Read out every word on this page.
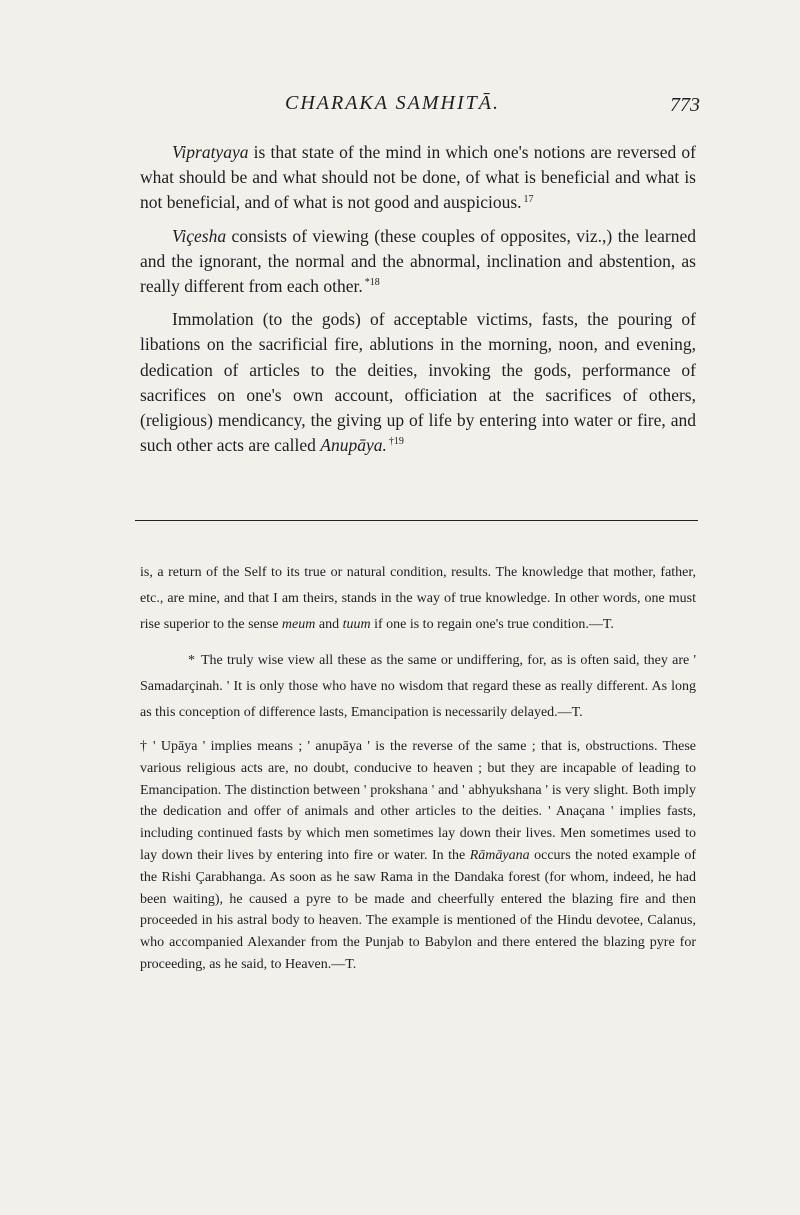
CHARAKA SAMHITĀ.	773

Vipratyaya is that state of the mind in which one's notions are reversed of what should be and what should not be done, of what is beneficial and what is not beneficial, and of what is not good and auspicious. $^{17}$

Viçesha consists of viewing (these couples of opposites, viz.,) the learned and the ignorant, the normal and the abnormal, inclination and abstention, as really different from each other. $^{*18}$

Immolation (to the gods) of acceptable victims, fasts, the pouring of libations on the sacrificial fire, ablutions in the morning, noon, and evening, dedication of articles to the deities, invoking the gods, performance of sacrifices on one's own account, officiation at the sacrifices of others, (religious) mendicancy, the giving up of life by entering into water or fire, and such other acts are called Anupāya. $^{\dagger 19}$

is, a return of the Self to its true or natural condition, results. The knowledge that mother, father, etc., are mine, and that I am theirs, stands in the way of true knowledge. In other words, one must rise superior to the sense meum and tuum if one is to regain one's true condition.—T.

* The truly wise view all these as the same or undiffering, for, as is often said, they are ' Samadarçinah. ' It is only those who have no wisdom that regard these as really different. As long as this conception of difference lasts, Emancipation is necessarily delayed.—T.

† ' Upāya ' implies means ; ' anupāya ' is the reverse of the same ; that is, obstructions. These various religious acts are, no doubt, conducive to heaven ; but they are incapable of leading to Emancipation. The distinction between ' prokshana ' and ' abhyukshana ' is very slight. Both imply the dedication and offer of animals and other articles to the deities. ' Anaçana ' implies fasts, including continued fasts by which men sometimes lay down their lives. Men sometimes used to lay down their lives by entering into fire or water. In the Rāmāyana occurs the noted example of the Rishi Çarabhanga. As soon as he saw Rama in the Dandaka forest (for whom, indeed, he had been waiting), he caused a pyre to be made and cheerfully entered the blazing fire and then proceeded in his astral body to heaven. The example is mentioned of the Hindu devotee, Calanus, who accompanied Alexander from the Punjab to Babylon and there entered the blazing pyre for proceeding, as he said, to Heaven.—T.
